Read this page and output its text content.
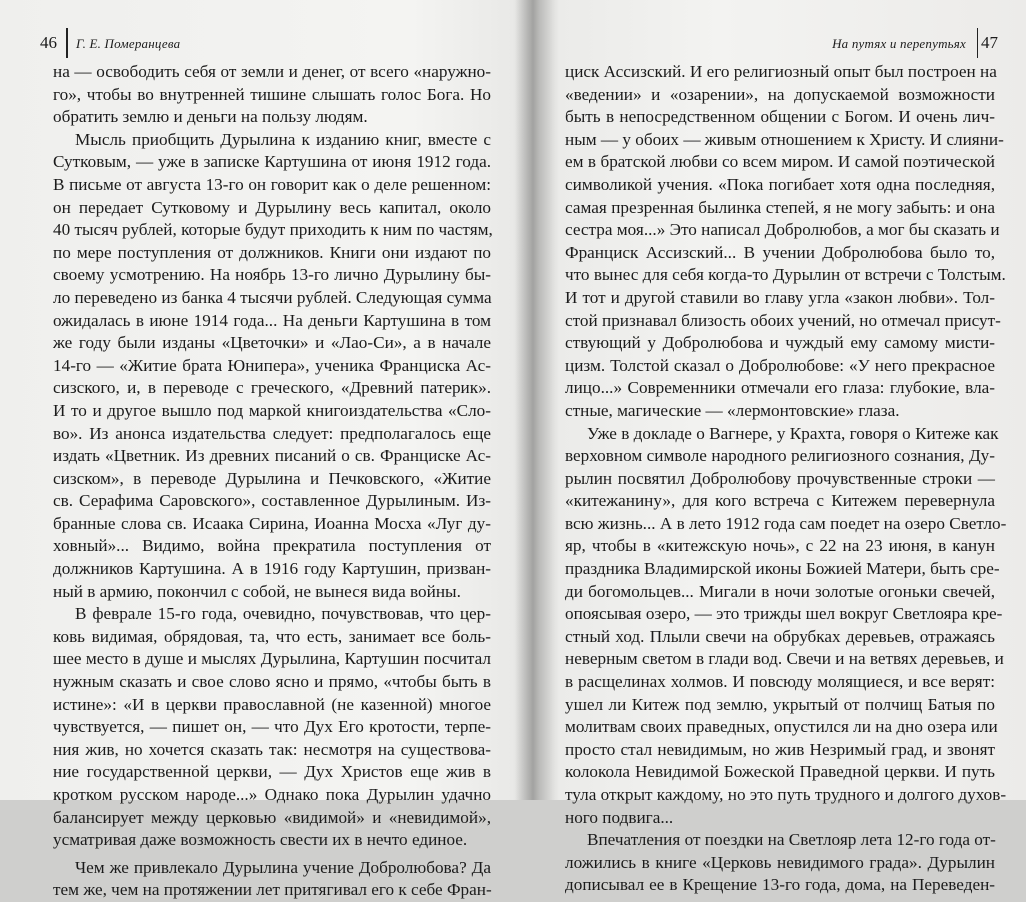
46 Г. Е. Померанцева
на — освободить себя от земли и денег, от всего «наружно-
го», чтобы во внутренней тишине слышать голос Бога. Но
обратить землю и деньги на пользу людям.
Мысль приобщить Дурылина к изданию книг, вместе с
Сутковым, — уже в записке Картушина от июня 1912 года.
В письме от августа 13-го он говорит как о деле решенном:
он передает Сутковому и Дурылину весь капитал, около
40 тысяч рублей, которые будут приходить к ним по частям,
по мере поступления от должников. Книги они издают по
своему усмотрению. На ноябрь 13-го лично Дурылину бы-
ло переведено из банка 4 тысячи рублей. Следующая сумма
ожидалась в июне 1914 года... На деньги Картушина в том
же году были изданы «Цветочки» и «Лао-Си», а в начале
14-го — «Житие брата Юнипера», ученика Франциска Ас-
сизского, и, в переводе с греческого, «Древний патерик».
И то и другое вышло под маркой книгоиздательства «Сло-
во». Из анонса издательства следует: предполагалось еще
издать «Цветник. Из древних писаний о св. Франциске Ас-
сизском», в переводе Дурылина и Печковского, «Житие
св. Серафима Саровского», составленное Дурылиным. Из-
бранные слова св. Исаака Сирина, Иоанна Мосха «Луг ду-
ховный»... Видимо, война прекратила поступления от
должников Картушина. А в 1916 году Картушин, призван-
ный в армию, покончил с собой, не вынеся вида войны.
В феврале 15-го года, очевидно, почувствовав, что цер-
ковь видимая, обрядовая, та, что есть, занимает все боль-
шее место в душе и мыслях Дурылина, Картушин посчитал
нужным сказать и свое слово ясно и прямо, «чтобы быть в
истине»: «И в церкви православной (не казенной) многое
чувствуется, — пишет он, — что Дух Его кротости, терпе-
ния жив, но хочется сказать так: несмотря на существова-
ние государственной церкви, — Дух Христов еще жив в
кротком русском народе...» Однако пока Дурылин удачно
балансирует между церковью «видимой» и «невидимой»,
усматривая даже возможность свести их в нечто единое.
Чем же привлекало Дурылина учение Добролюбова? Да
тем же, чем на протяжении лет притягивал его к себе Фран-
На путях и перепутьях 47
циск Ассизский. И его религиозный опыт был построен на
«ведении» и «озарении», на допускаемой возможности
быть в непосредственном общении с Богом. И очень лич-
ным — у обоих — живым отношением к Христу. И слияни-
ем в братской любви со всем миром. И самой поэтической
символикой учения. «Пока погибает хотя одна последняя,
самая презренная былинка степей, я не могу забыть: и она
сестра моя...» Это написал Добролюбов, а мог бы сказать и
Франциск Ассизский... В учении Добролюбова было то,
что вынес для себя когда-то Дурылин от встречи с Толстым.
И тот и другой ставили во главу угла «закон любви». Тол-
стой признавал близость обоих учений, но отмечал присут-
ствующий у Добролюбова и чуждый ему самому мисти-
цизм. Толстой сказал о Добролюбове: «У него прекрасное
лицо...» Современники отмечали его глаза: глубокие, вла-
стные, магические — «лермонтовские» глаза.
Уже в докладе о Вагнере, у Крахта, говоря о Китеже как
верховном символе народного религиозного сознания, Ду-
рылин посвятил Добролюбову прочувственные строки —
«китежанину», для кого встреча с Китежем перевернула
всю жизнь... А в лето 1912 года сам поедет на озеро Светло-
яр, чтобы в «китежскую ночь», с 22 на 23 июня, в канун
праздника Владимирской иконы Божией Матери, быть сре-
ди богомольцев... Мигали в ночи золотые огоньки свечей,
опоясывая озеро, — это трижды шел вокруг Светлояра кре-
стный ход. Плыли свечи на обрубках деревьев, отражаясь
неверным светом в глади вод. Свечи и на ветвях деревьев, и
в расщелинах холмов. И повсюду молящиеся, и все верят:
ушел ли Китеж под землю, укрытый от полчищ Батыя по
молитвам своих праведных, опустился ли на дно озера или
просто стал невидимым, но жив Незримый град, и звонят
колокола Невидимой Божеской Праведной церкви. И путь
тула открыт каждому, но это путь трудного и долгого духов-
ного подвига...
Впечатления от поездки на Светлояр лета 12-го года от-
ложились в книге «Церковь невидимого града». Дурылин
дописывал ее в Крещение 13-го года, дома, на Переведен-
